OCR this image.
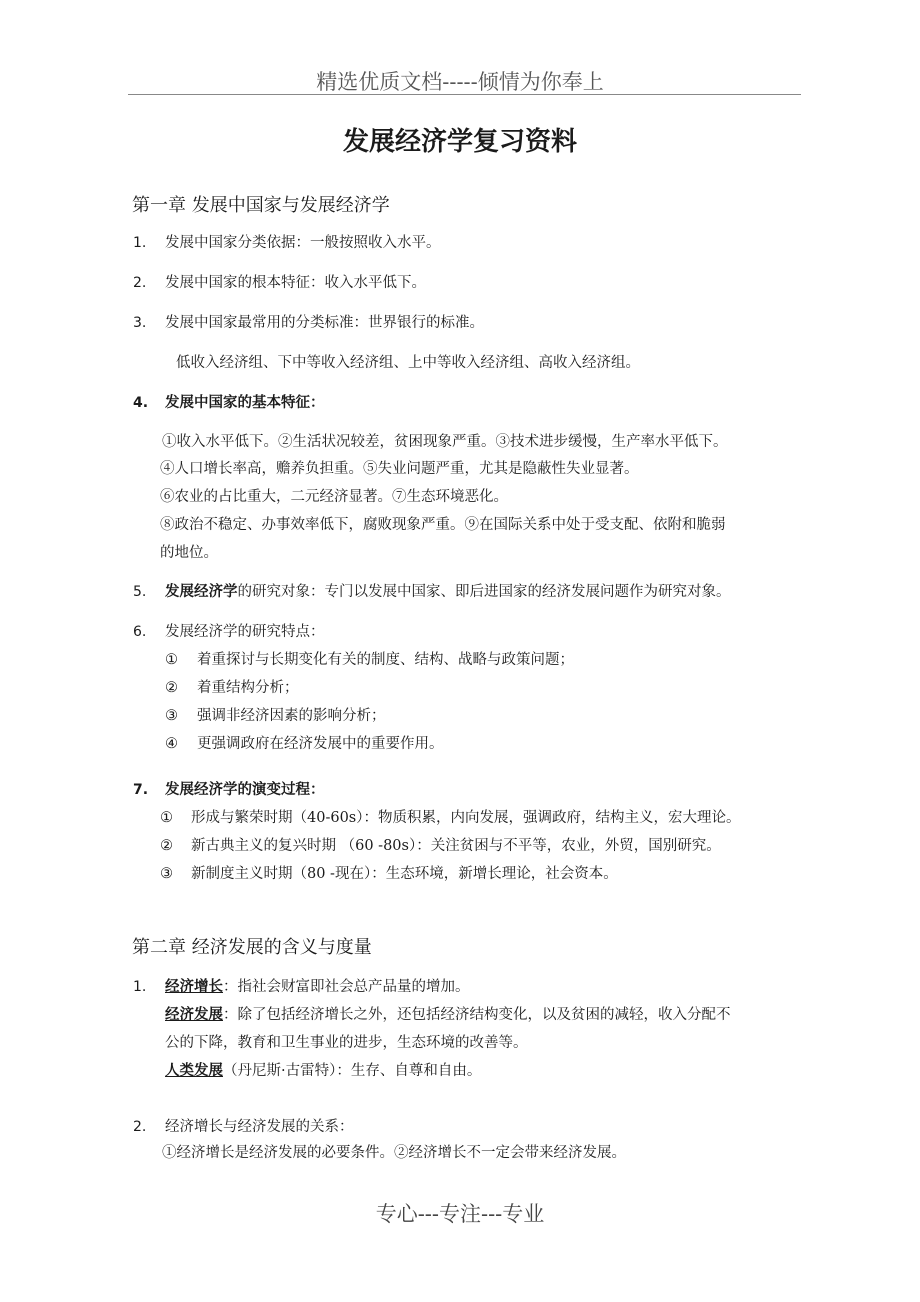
精选优质文档-----倾情为你奉上
发展经济学复习资料
第一章 发展中国家与发展经济学
1. 发展中国家分类依据：一般按照收入水平。
2. 发展中国家的根本特征：收入水平低下。
3. 发展中国家最常用的分类标准：世界银行的标准。
低收入经济组、下中等收入经济组、上中等收入经济组、高收入经济组。
4. 发展中国家的基本特征：
①收入水平低下。②生活状况较差，贫困现象严重。③技术进步缓慢，生产率水平低下。
④人口增长率高，赡养负担重。⑤失业问题严重，尤其是隐蔽性失业显著。
⑥农业的占比重大，二元经济显著。⑦生态环境恶化。
⑧政治不稳定、办事效率低下，腐败现象严重。⑨在国际关系中处于受支配、依附和脆弱
的地位。
5. 发展经济学的研究对象：专门以发展中国家、即后进国家的经济发展问题作为研究对象。
6. 发展经济学的研究特点：
① 着重探讨与长期变化有关的制度、结构、战略与政策问题；
② 着重结构分析；
③ 强调非经济因素的影响分析；
④ 更强调政府在经济发展中的重要作用。
7. 发展经济学的演变过程：
① 形成与繁荣时期（40-60s）：物质积累，内向发展，强调政府，结构主义，宏大理论。
② 新古典主义的复兴时期 （60 -80s）：关注贫困与不平等，农业，外贸，国别研究。
③ 新制度主义时期（80 -现在）：生态环境，新增长理论，社会资本。
第二章 经济发展的含义与度量
1. 经济增长：指社会财富即社会总产品量的增加。
经济发展：除了包括经济增长之外，还包括经济结构变化，以及贫困的减轻，收入分配不
公的下降，教育和卫生事业的进步，生态环境的改善等。
人类发展（丹尼斯·古雷特）：生存、自尊和自由。
2. 经济增长与经济发展的关系：
①经济增长是经济发展的必要条件。②经济增长不一定会带来经济发展。
专心---专注---专业
